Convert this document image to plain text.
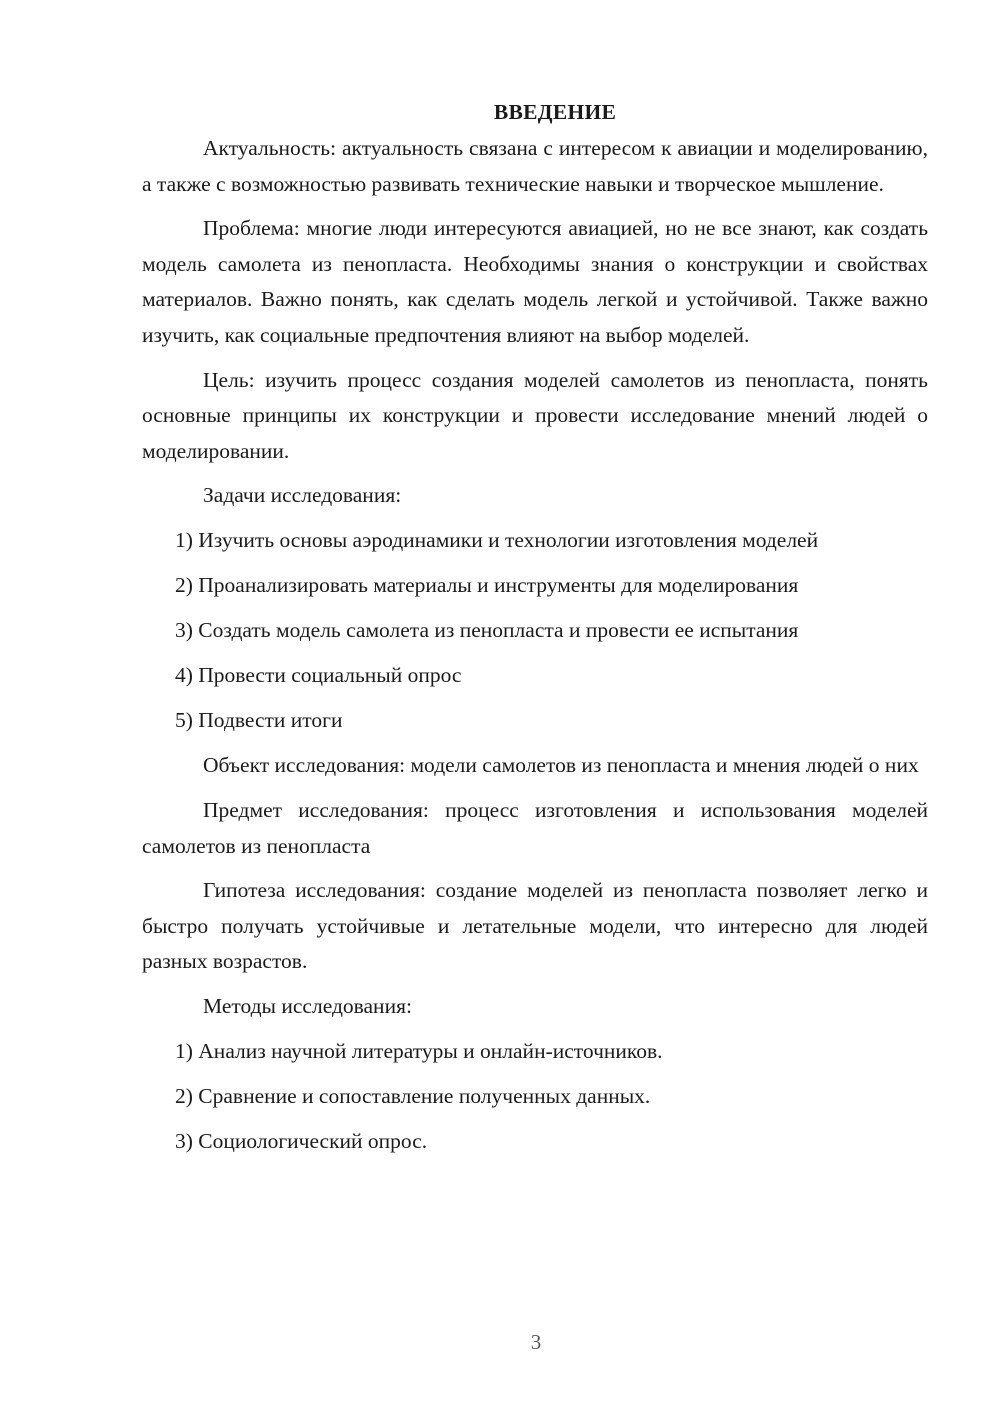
ВВЕДЕНИЕ

Актуальность: актуальность связана с интересом к авиации и моделированию, а также с возможностью развивать технические навыки и творческое мышление.

Проблема: многие люди интересуются авиацией, но не все знают, как создать модель самолета из пенопласта. Необходимы знания о конструкции и свойствах материалов. Важно понять, как сделать модель легкой и устойчивой. Также важно изучить, как социальные предпочтения влияют на выбор моделей.

Цель: изучить процесс создания моделей самолетов из пенопласта, понять основные принципы их конструкции и провести исследование мнений людей о моделировании.

Задачи исследования:

1) Изучить основы аэродинамики и технологии изготовления моделей
2) Проанализировать материалы и инструменты для моделирования
3) Создать модель самолета из пенопласта и провести ее испытания
4) Провести социальный опрос
5) Подвести итоги

Объект исследования: модели самолетов из пенопласта и мнения людей о них

Предмет исследования: процесс изготовления и использования моделей самолетов из пенопласта

Гипотеза исследования: создание моделей из пенопласта позволяет легко и быстро получать устойчивые и летательные модели, что интересно для людей разных возрастов.

Методы исследования:

1) Анализ научной литературы и онлайн-источников.
2) Сравнение и сопоставление полученных данных.
3) Социологический опрос.
3
